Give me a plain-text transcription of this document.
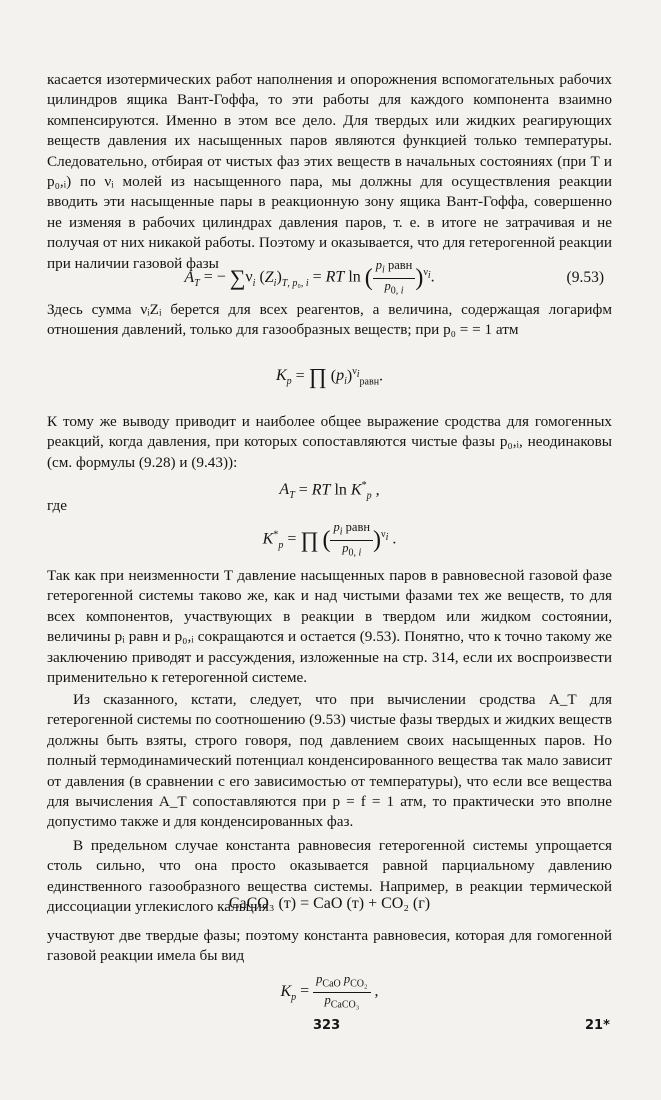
касается изотермических работ наполнения и опорожнения вспомогательных рабочих цилиндров ящика Вант-Гоффа, то эти работы для каждого компонента взаимно компенсируются. Именно в этом все дело. Для твердых или жидких реагирующих веществ давления их насыщенных паров являются функцией только температуры. Следовательно, отбирая от чистых фаз этих веществ в начальных состояниях (при T и p₀,ᵢ) по νᵢ молей из насыщенного пара, мы должны для осуществления реакции вводить эти насыщенные пары в реакционную зону ящика Вант-Гоффа, совершенно не изменяя в рабочих цилиндрах давления паров, т. е. в итоге не затрачивая и не получая от них никакой работы. Поэтому и оказывается, что для гетерогенной реакции при наличии газовой фазы

$A_T$ = − $\sum\nu_i$ $(Z_i)_{T, p_0, i}$ = RT ln ( $\frac{p_i равн}{p_{0, i}} )^{\nu_i}$.	(9.53)

Здесь сумма νᵢZᵢ берется для всех реагентов, а величина, содержащая логарифм отношения давлений, только для газообразных веществ; при p₀ = = 1 атм

$K_p$ = ∏ $(p_i)^{\nu_i}_{равн}$.

К тому же выводу приводит и наиболее общее выражение сродства для гомогенных реакций, когда давления, при которых сопоставляются чистые фазы p₀,ᵢ, неодинаковы (см. формулы (9.28) и (9.43)):

$A_T$ = RT $\ln K^*_p$ ,

где

$K^*_p$ = ∏ ( $\frac{p_i равн}{p_{0, i}} )^{\nu_i}$ .

Так как при неизменности T давление насыщенных паров в равновесной газовой фазе гетерогенной системы таково же, как и над чистыми фазами тех же веществ, то для всех компонентов, участвующих в реакции в твердом или жидком состоянии, величины pᵢ равн и p₀,ᵢ сокращаются и остается (9.53). Понятно, что к точно такому же заключению приводят и рассуждения, изложенные на стр. 314, если их воспроизвести применительно к гетерогенной системе.

Из сказанного, кстати, следует, что при вычислении сродства A_T для гетерогенной системы по соотношению (9.53) чистые фазы твердых и жидких веществ должны быть взяты, строго говоря, под давлением своих насыщенных паров. Но полный термодинамический потенциал конденсированного вещества так мало зависит от давления (в сравнении с его зависимостью от температуры), что если все вещества для вычисления A_T сопоставляются при p = f = 1 атм, то практически это вполне допустимо также и для конденсированных фаз.

В предельном случае константа равновесия гетерогенной системы упрощается столь сильно, что она просто оказывается равной парциальному давлению единственного газообразного вещества системы. Например, в реакции термической диссоциации углекислого кальция

CaCO₃ (т) = CaO (т) + CO₂ (г)

участвуют две твердые фазы; поэтому константа равновесия, которая для гомогенной газовой реакции имела бы вид

$K_p = \frac{p_{CaO} p_{CO_2}}{p_{CaCO_3}}$ ,
323	21*
